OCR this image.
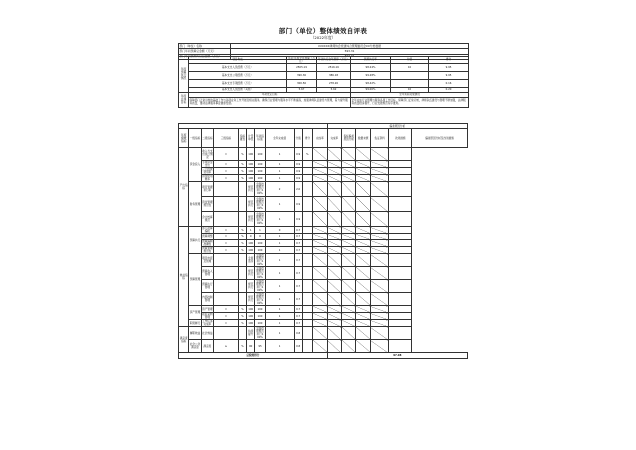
部门（单位）整体绩效自评表
（2022年度）
部门（单位）名称	XXXXXX律师协会党建综合管理委员会XX分类数据
部门年初预算总金额（万元）	593.31
部门年初预算执行总金额（万元）	593.31
年度预算执行情况	项目构成	年初 年度全年预算（万元）	年初执行全年预算（万元）	预算执行率	分值	得分
	基本支出人员经费（万元）	2505.19	2516.16	98.24%	10	9.95
	基本支出公用经费（万元）	390.36	386.18	99.28%		9.95
	基本支出专项经费（万元）	300.56	278.26	98.42%		0.16
	基本支出人员经费（其他）	5.67	5.62	99.00%	10	0.20
年度总体目标	年初设定目标			全年实际完成情况		
	保障部门正常运转的基础工作与各项业务工作开展及相关服务，确保行业管理与服务水平不断提高，加强律师队伍建设与管理，着力提升服务质量，推动法律服务事业健康发展。			全年完成行业管理与服务各项工作目标，保障部门正常运转，律师队伍建设与管理不断加强，法律服务质量稳步提升，行业发展规范有序推进。		
											偏差原因分析					
年度绩效指标	一级指标	二级指标	三级指标	指标属性	计量单位	年初指标值	全年完成值	分值	得分	完成率	完成率	指标偏差原因分析	数据来源	佐证资料	改进措施	偏差原因分析及改进措施
产出指标	资金投入	收入与支出执行情况	=	%	100	100	1	0.9	%							
		专项资金支出	=	%	100	100	1	0.9								
		三公经费使用率	=	%	100	100	1	0.9								
		资金使用效率	=	%	100	100	1	0.9								
	财务管理	项目管理执行率			规范执行	全面按照规范执行100%	2	2.0								
		资金管理规范性			规范执行	全面按照规范执行100%	1	0.9								
		会计核算规范			规范执行	全面按照规范执行100%	1	0.9								
效益指标	预算执行	部门决算编报	=	%	1	1	0	0.7								
		预算调整	=	%	0	0	1	0.7								
		预算编制准确性	=	%	100	100	1	0.7								
		预算管理规范性	=	%	100	100	1	0.7								
	预算管理	项目申报及管理			全面落实	全面按照规范执行100%	1	0.7								
		预算收入管理			规范执行	全面按照规范执行100%	1	0.7								
		预算执行管理			规范执行	全面按照规范执行100%	1	0.7								
		内部控制管理			规范执行	全面按照规范执行100%	1	0.7								
	资产管理	资产管理	=	%	100	100	1	0.7								
		政府采购管理	=	%	100	100	1	0.7								
	职责履行	工作任务完成率	=	%	100	100	1	0.7								
满意度指标	履职效益	社会效益			持续提升	全面按照规范执行100%	1	0.8								
	社会公众满意度	满意度	≥	%	90	95	1	0.8								
总绩效得分											97.08					
